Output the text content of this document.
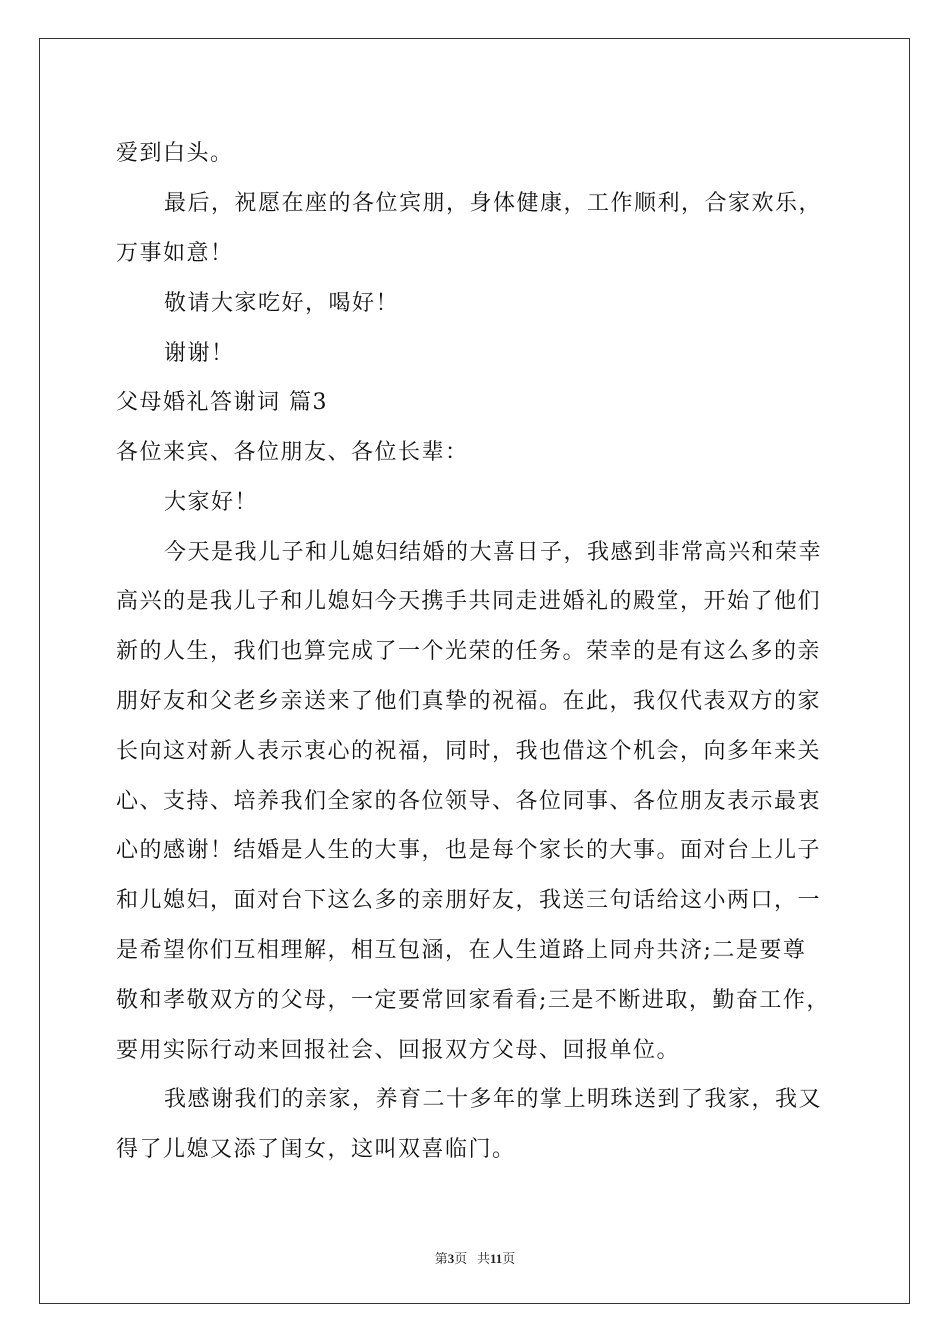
爱到白头。
最后，祝愿在座的各位宾朋，身体健康，工作顺利，合家欢乐，
万事如意！
敬请大家吃好，喝好！
谢谢！
父母婚礼答谢词 篇3
各位来宾、各位朋友、各位长辈：
大家好！
今天是我儿子和儿媳妇结婚的大喜日子，我感到非常高兴和荣幸
高兴的是我儿子和儿媳妇今天携手共同走进婚礼的殿堂，开始了他们
新的人生，我们也算完成了一个光荣的任务。荣幸的是有这么多的亲
朋好友和父老乡亲送来了他们真挚的祝福。在此，我仅代表双方的家
长向这对新人表示衷心的祝福，同时，我也借这个机会，向多年来关
心、支持、培养我们全家的各位领导、各位同事、各位朋友表示最衷
心的感谢！结婚是人生的大事，也是每个家长的大事。面对台上儿子
和儿媳妇，面对台下这么多的亲朋好友，我送三句话给这小两口，一
是希望你们互相理解，相互包涵，在人生道路上同舟共济;二是要尊
敬和孝敬双方的父母，一定要常回家看看;三是不断进取，勤奋工作，
要用实际行动来回报社会、回报双方父母、回报单位。
我感谢我们的亲家，养育二十多年的掌上明珠送到了我家，我又
得了儿媳又添了闺女，这叫双喜临门。
第3页 共11页
